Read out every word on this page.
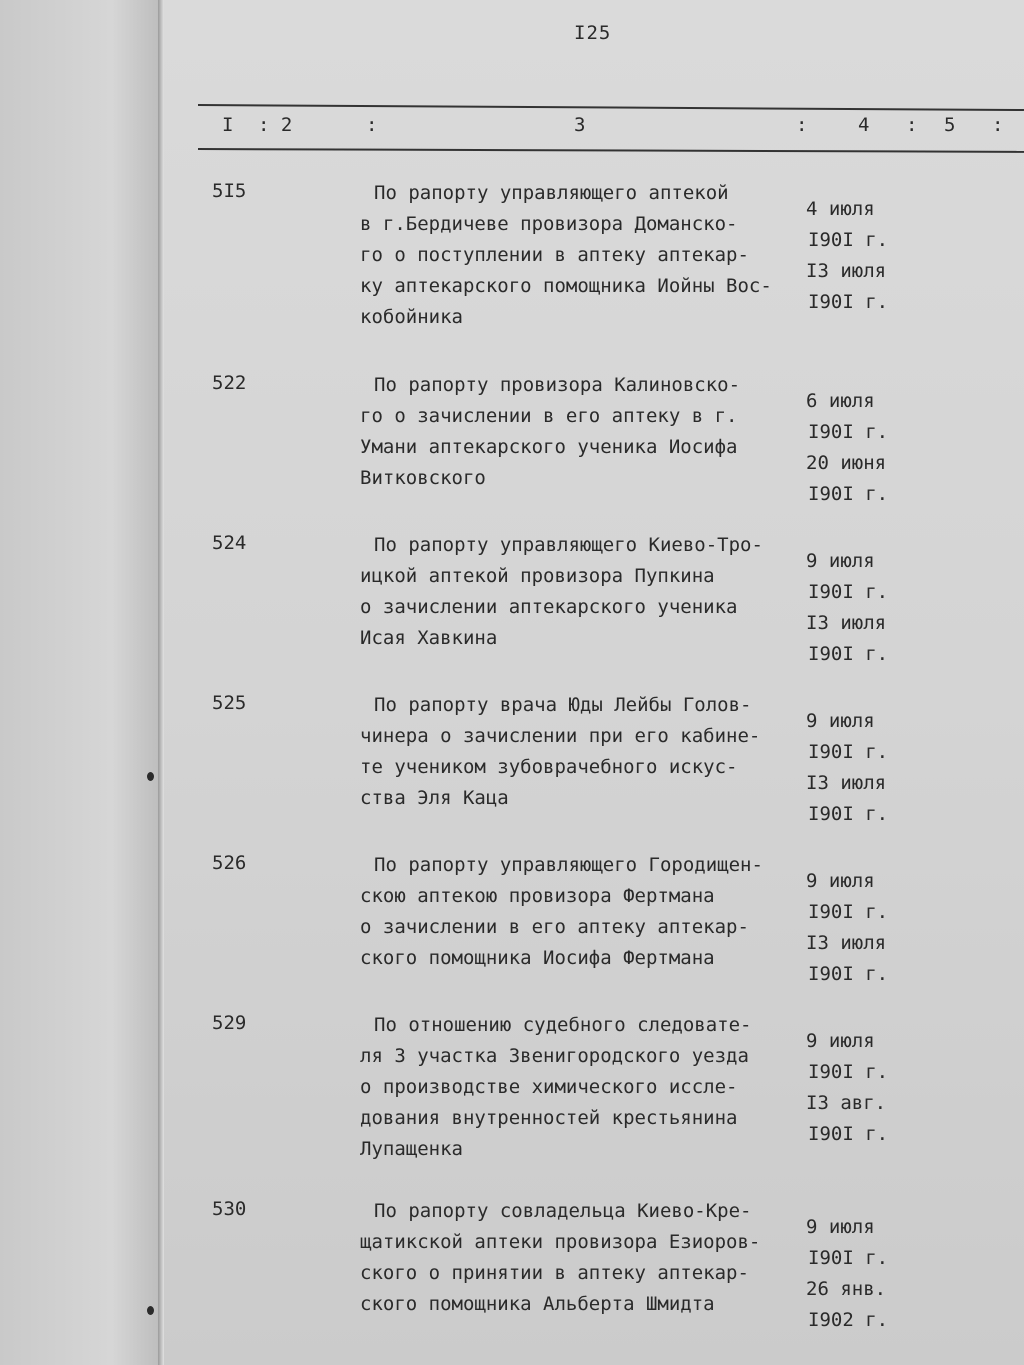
I25
I : 2	:	3	:	4 : 5 :
5I5	По рапорту управляющего аптекой
в г.Бердичеве провизора Доманско-
го о поступлении в аптеку аптекар-
ку аптекарского помощника Иойны Вос-
кобойника
4 июля
I90I г.
I3 июля
I90I г.
522	По рапорту провизора Калиновско-
го о зачислении в его аптеку в г.
Умани аптекарского ученика Иосифа
Витковского
6 июля
I90I г.
20 июня
I90I г.
524	По рапорту управляющего Киево-Тро-
ицкой аптекой провизора Пупкина
о зачислении аптекарского ученика
Исая Хавкина
9 июля
I90I г.
I3 июля
I90I г.
525	По рапорту врача Юды Лейбы Голов-
чинера о зачислении при его кабине-
те учеником зубоврачебного искус-
ства Эля Каца
9 июля
I90I г.
I3 июля
I90I г.
526	По рапорту управляющего Городищен-
скою аптекою провизора Фертмана
о зачислении в его аптеку аптекар-
ского помощника Иосифа Фертмана
9 июля
I90I г.
I3 июля
I90I г.
529	По отношению судебного следовате-
ля 3 участка Звенигородского уезда
о производстве химического иссле-
дования внутренностей крестьянина
Лупащенка
9 июля
I90I г.
I3 авг.
I90I г.
530	По рапорту совладельца Киево-Кре-
щатикской аптеки провизора Езиоров-
ского о принятии в аптеку аптекар-
ского помощника Альберта Шмидта
9 июля
I90I г.
26 янв.
I902 г.
